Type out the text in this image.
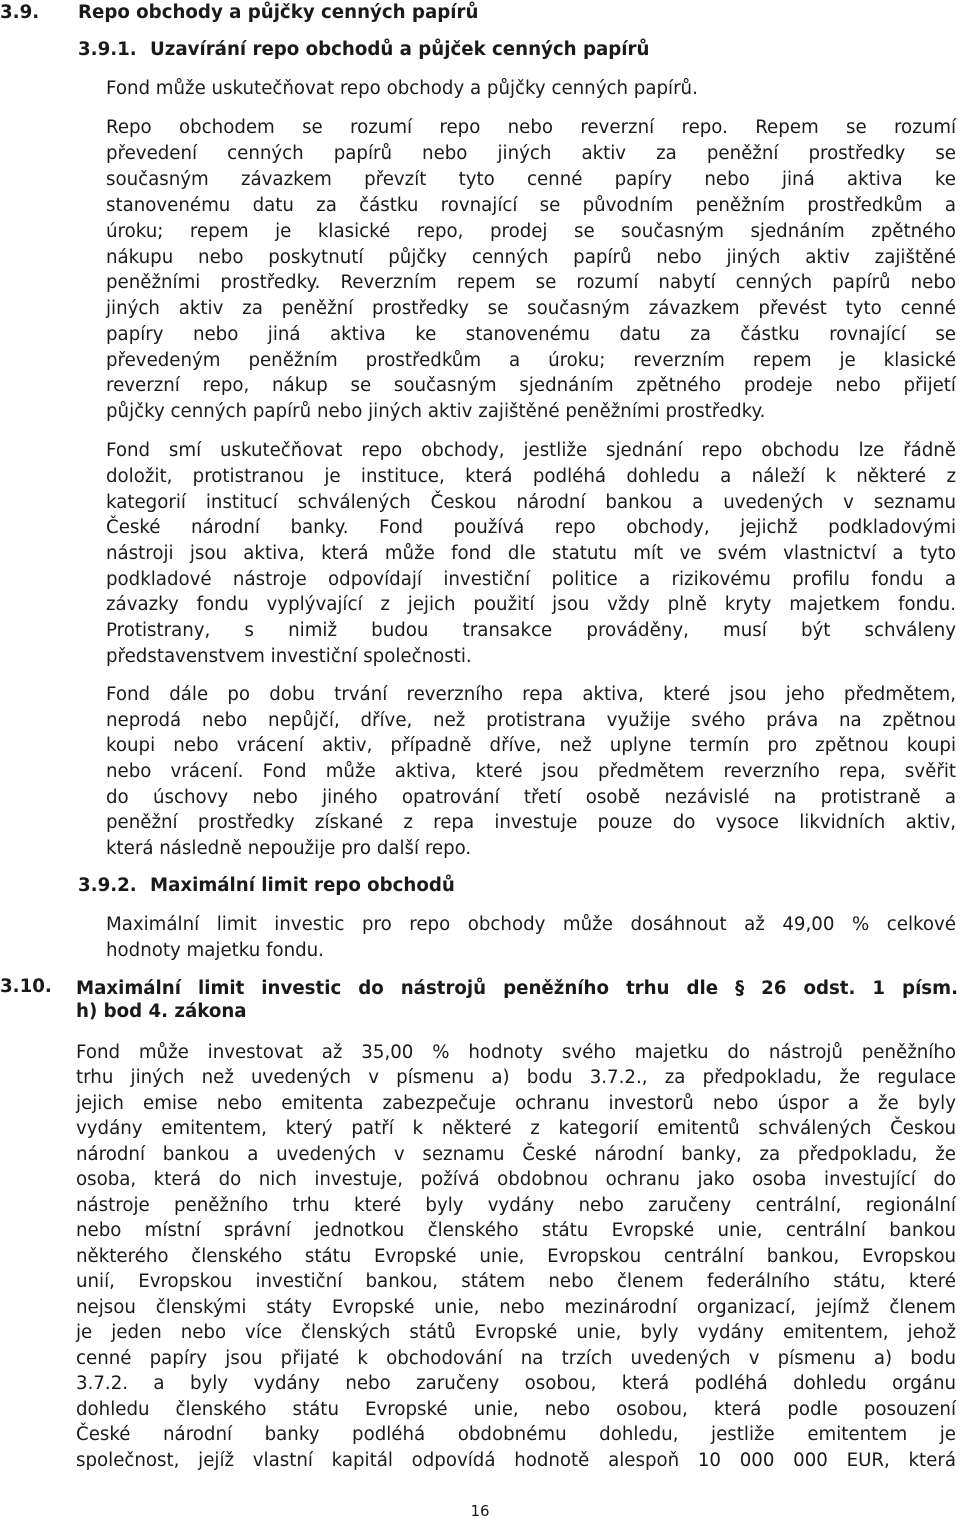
3.9. Repo obchody a půjčky cenných papírů
3.9.1. Uzavírání repo obchodů a půjček cenných papírů
Fond může uskutečňovat repo obchody a půjčky cenných papírů.
Repo obchodem se rozumí repo nebo reverzní repo. Repem se rozumí
převedení cenných papírů nebo jiných aktiv za peněžní prostředky se
současným závazkem převzít tyto cenné papíry nebo jiná aktiva ke
stanovenému datu za částku rovnající se původním peněžním prostředkům a
úroku; repem je klasické repo, prodej se současným sjednáním zpětného
nákupu nebo poskytnutí půjčky cenných papírů nebo jiných aktiv zajištěné
peněžními prostředky. Reverzním repem se rozumí nabytí cenných papírů nebo
jiných aktiv za peněžní prostředky se současným závazkem převést tyto cenné
papíry nebo jiná aktiva ke stanovenému datu za částku rovnající se
převedeným peněžním prostředkům a úroku; reverzním repem je klasické
reverzní repo, nákup se současným sjednáním zpětného prodeje nebo přijetí
půjčky cenných papírů nebo jiných aktiv zajištěné peněžními prostředky.
Fond smí uskutečňovat repo obchody, jestliže sjednání repo obchodu lze řádně
doložit, protistranou je instituce, která podléhá dohledu a náleží k některé z
kategorií institucí schválených Českou národní bankou a uvedených v seznamu
České národní banky. Fond používá repo obchody, jejichž podkladovými
nástroji jsou aktiva, která může fond dle statutu mít ve svém vlastnictví a tyto
podkladové nástroje odpovídají investiční politice a rizikovému profilu fondu a
závazky fondu vyplývající z jejich použití jsou vždy plně kryty majetkem fondu.
Protistrany, s nimiž budou transakce prováděny, musí být schváleny
představenstvem investiční společnosti.
Fond dále po dobu trvání reverzního repa aktiva, které jsou jeho předmětem,
neprodá nebo nepůjčí, dříve, než protistrana využije svého práva na zpětnou
koupi nebo vrácení aktiv, případně dříve, než uplyne termín pro zpětnou koupi
nebo vrácení. Fond může aktiva, které jsou předmětem reverzního repa, svěřit
do úschovy nebo jiného opatrování třetí osobě nezávislé na protistraně a
peněžní prostředky získané z repa investuje pouze do vysoce likvidních aktiv,
která následně nepoužije pro další repo.
3.9.2. Maximální limit repo obchodů
Maximální limit investic pro repo obchody může dosáhnout až 49,00 % celkové
hodnoty majetku fondu.
3.10. Maximální limit investic do nástrojů peněžního trhu dle § 26 odst. 1 písm.
h) bod 4. zákona
Fond může investovat až 35,00 % hodnoty svého majetku do nástrojů peněžního
trhu jiných než uvedených v písmenu a) bodu 3.7.2., za předpokladu, že regulace
jejich emise nebo emitenta zabezpečuje ochranu investorů nebo úspor a že byly
vydány emitentem, který patří k některé z kategorií emitentů schválených Českou
národní bankou a uvedených v seznamu České národní banky, za předpokladu, že
osoba, která do nich investuje, požívá obdobnou ochranu jako osoba investující do
nástroje peněžního trhu které byly vydány nebo zaručeny centrální, regionální
nebo místní správní jednotkou členského státu Evropské unie, centrální bankou
některého členského státu Evropské unie, Evropskou centrální bankou, Evropskou
unií, Evropskou investiční bankou, státem nebo členem federálního státu, které
nejsou členskými státy Evropské unie, nebo mezinárodní organizací, jejímž členem
je jeden nebo více členských států Evropské unie, byly vydány emitentem, jehož
cenné papíry jsou přijaté k obchodování na trzích uvedených v písmenu a) bodu
3.7.2. a byly vydány nebo zaručeny osobou, která podléhá dohledu orgánu
dohledu členského státu Evropské unie, nebo osobou, která podle posouzení
České národní banky podléhá obdobnému dohledu, jestliže emitentem je
společnost, jejíž vlastní kapitál odpovídá hodnotě alespoň 10 000 000 EUR, která
16
